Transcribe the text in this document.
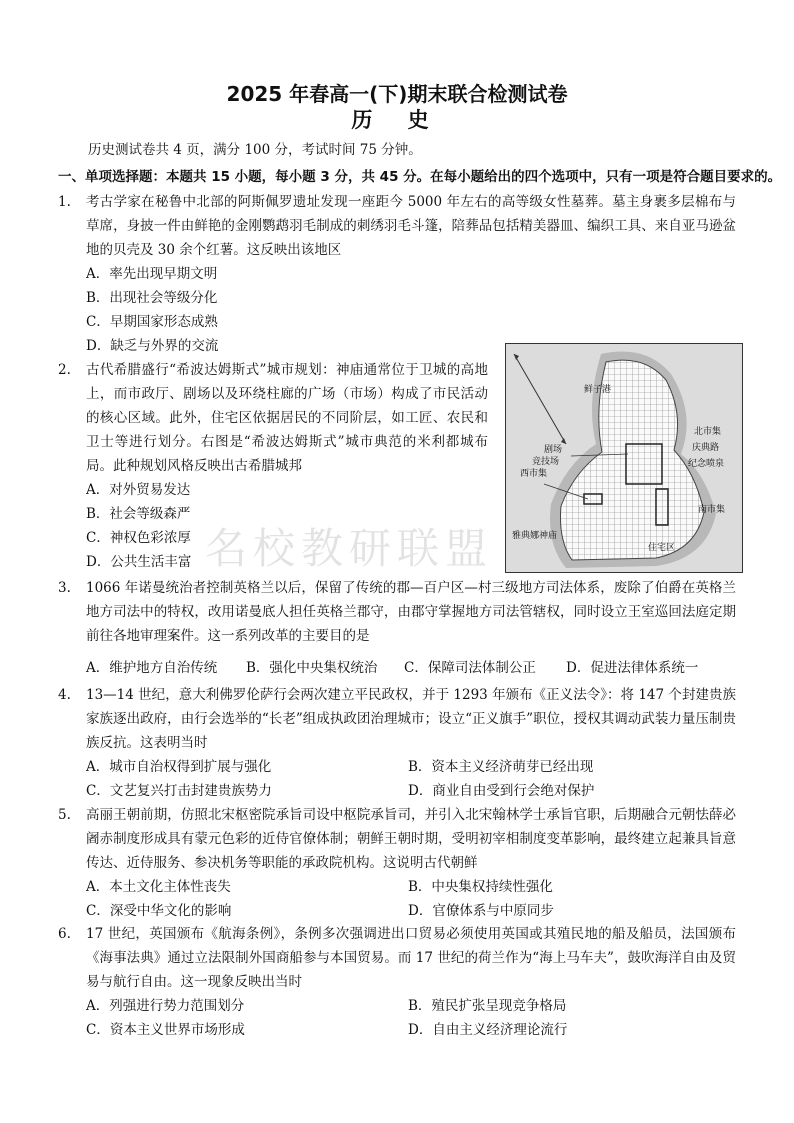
2025 年春高一(下)期末联合检测试卷
历 史
历史测试卷共 4 页，满分 100 分，考试时间 75 分钟。
一、单项选择题：本题共 15 小题，每小题 3 分，共 45 分。在每小题给出的四个选项中，只有一项是符合题目要求的。
1.	考古学家在秘鲁中北部的阿斯佩罗遗址发现一座距今 5000 年左右的高等级女性墓葬。墓主身裹多层棉布与草席，身披一件由鲜艳的金刚鹦鹉羽毛制成的刺绣羽毛斗篷，陪葬品包括精美器皿、编织工具、来自亚马逊盆地的贝壳及 30 余个红薯。这反映出该地区
A．率先出现早期文明
B．出现社会等级分化
C．早期国家形态成熟
D．缺乏与外界的交流
2.	古代希腊盛行“希波达姆斯式”城市规划：神庙通常位于卫城的高地上，而市政厅、剧场以及环绕柱廊的广场（市场）构成了市民活动的核心区域。此外，住宅区依据居民的不同阶层，如工匠、农民和卫士等进行划分。右图是“希波达姆斯式”城市典范的米利都城布局。此种规划风格反映出古希腊城邦
A．对外贸易发达
B．社会等级森严
C．神权色彩浓厚
D．公共生活丰富
鲜子港
剧场
竞技场
西市集
北市集
庆典路
纪念喷泉
南市集
住宅区
雅典娜神庙
3.	1066 年诺曼统治者控制英格兰以后，保留了传统的郡—百户区—村三级地方司法体系，废除了伯爵在英格兰地方司法中的特权，改用诺曼底人担任英格兰郡守，由郡守掌握地方司法管辖权，同时设立王室巡回法庭定期前往各地审理案件。这一系列改革的主要目的是
A．维护地方自治传统 B．强化中央集权统治 C．保障司法体制公正 D．促进法律体系统一
4.	13—14 世纪，意大利佛罗伦萨行会两次建立平民政权，并于 1293 年颁布《正义法令》：将 147 个封建贵族家族逐出政府，由行会选举的“长老”组成执政团治理城市；设立“正义旗手”职位，授权其调动武装力量压制贵族反抗。这表明当时
A．城市自治权得到扩展与强化	B．资本主义经济萌芽已经出现
C．文艺复兴打击封建贵族势力	D．商业自由受到行会绝对保护
5.	高丽王朝前期，仿照北宋枢密院承旨司设中枢院承旨司，并引入北宋翰林学士承旨官职，后期融合元朝怯薛必阇赤制度形成具有蒙元色彩的近侍官僚体制；朝鲜王朝时期，受明初宰相制度变革影响，最终建立起兼具旨意传达、近侍服务、参决机务等职能的承政院机构。这说明古代朝鲜
A．本土文化主体性丧失	B．中央集权持续性强化
C．深受中华文化的影响	D．官僚体系与中原同步
6.	17 世纪，英国颁布《航海条例》，条例多次强调进出口贸易必须使用英国或其殖民地的船及船员，法国颁布《海事法典》通过立法限制外国商船参与本国贸易。而 17 世纪的荷兰作为“海上马车夫”，鼓吹海洋自由及贸易与航行自由。这一现象反映出当时
A．列强进行势力范围划分	B．殖民扩张呈现竞争格局
C．资本主义世界市场形成	D．自由主义经济理论流行
名校教研联盟
